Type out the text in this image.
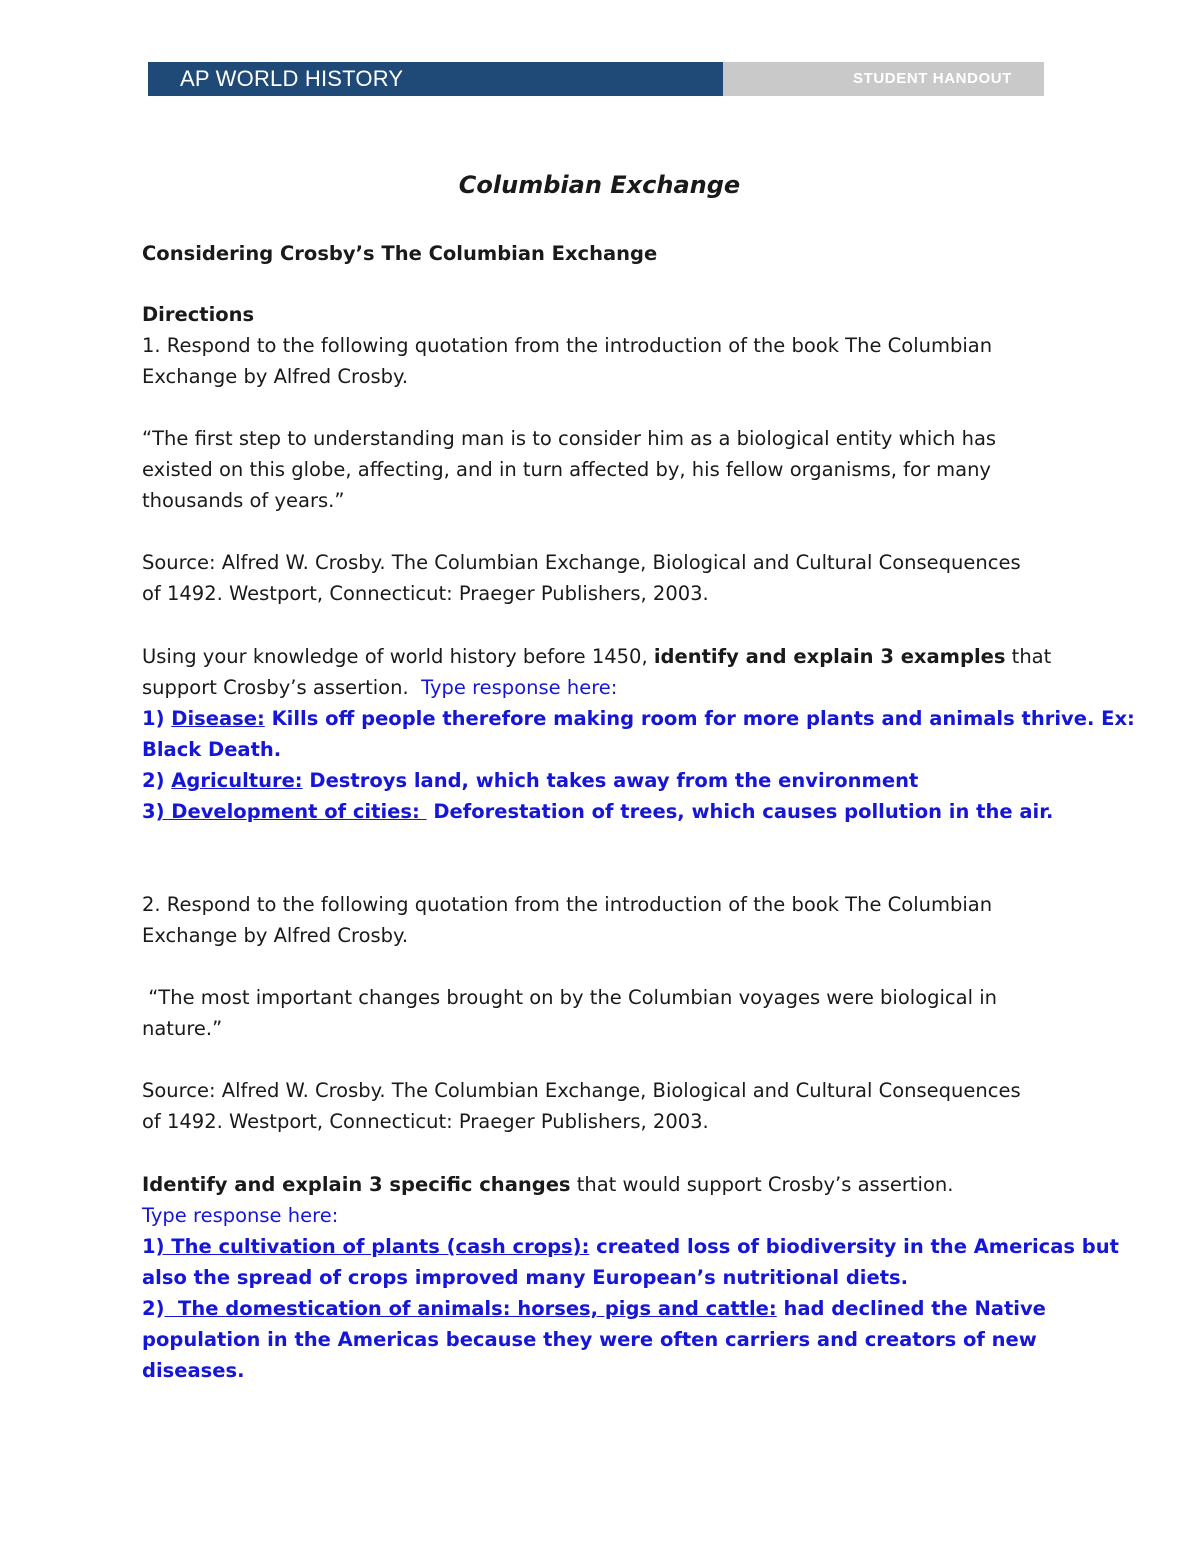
AP WORLD HISTORY	STUDENT HANDOUT
Columbian Exchange
Considering Crosby’s The Columbian Exchange
Directions
1. Respond to the following quotation from the introduction of the book The Columbian
Exchange by Alfred Crosby.
“The first step to understanding man is to consider him as a biological entity which has
existed on this globe, affecting, and in turn affected by, his fellow organisms, for many
thousands of years.”
Source: Alfred W. Crosby. The Columbian Exchange, Biological and Cultural Consequences
of 1492. Westport, Connecticut: Praeger Publishers, 2003.
Using your knowledge of world history before 1450, identify and explain 3 examples that
support Crosby’s assertion.  Type response here:
1) Disease: Kills off people therefore making room for more plants and animals thrive. Ex:
Black Death.
2) Agriculture: Destroys land, which takes away from the environment
3) Development of cities:  Deforestation of trees, which causes pollution in the air.
2. Respond to the following quotation from the introduction of the book The Columbian
Exchange by Alfred Crosby.
“The most important changes brought on by the Columbian voyages were biological in
nature.”
Source: Alfred W. Crosby. The Columbian Exchange, Biological and Cultural Consequences
of 1492. Westport, Connecticut: Praeger Publishers, 2003.
Identify and explain 3 specific changes that would support Crosby’s assertion.
Type response here:
1) The cultivation of plants (cash crops): created loss of biodiversity in the Americas but
also the spread of crops improved many European’s nutritional diets.
2)  The domestication of animals: horses, pigs and cattle: had declined the Native
population in the Americas because they were often carriers and creators of new
diseases.
